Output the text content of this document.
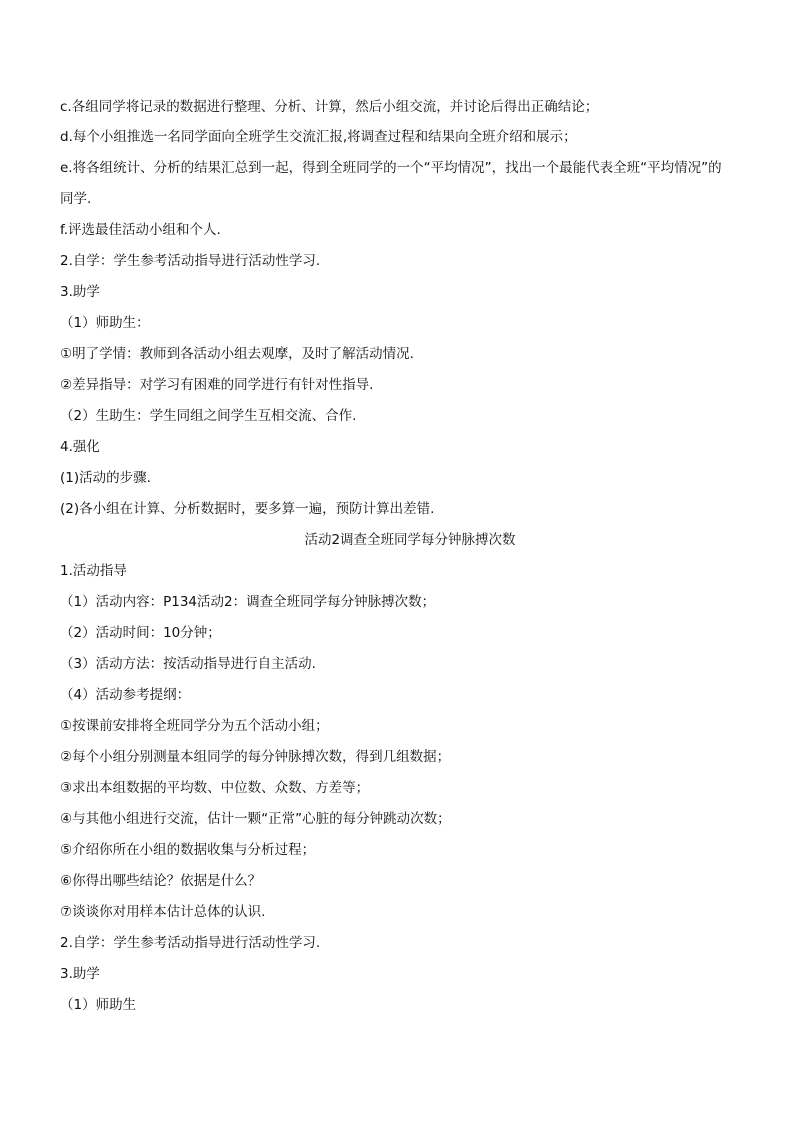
c.各组同学将记录的数据进行整理、分析、计算，然后小组交流，并讨论后得出正确结论；
d.每个小组推选一名同学面向全班学生交流汇报,将调查过程和结果向全班介绍和展示；
e.将各组统计、分析的结果汇总到一起，得到全班同学的一个“平均情况”，找出一个最能代表全班“平均情况”的
同学.
f.评选最佳活动小组和个人.
2.自学：学生参考活动指导进行活动性学习.
3.助学
（1）师助生：
①明了学情：教师到各活动小组去观摩，及时了解活动情况.
②差异指导：对学习有困难的同学进行有针对性指导.
（2）生助生：学生同组之间学生互相交流、合作.
4.强化
(1)活动的步骤.
(2)各小组在计算、分析数据时，要多算一遍，预防计算出差错.
活动2调查全班同学每分钟脉搏次数
1.活动指导
（1）活动内容：P134活动2：调查全班同学每分钟脉搏次数；
（2）活动时间：10分钟；
（3）活动方法：按活动指导进行自主活动.
（4）活动参考提纲：
①按课前安排将全班同学分为五个活动小组；
②每个小组分别测量本组同学的每分钟脉搏次数，得到几组数据；
③求出本组数据的平均数、中位数、众数、方差等；
④与其他小组进行交流，估计一颗“正常”心脏的每分钟跳动次数；
⑤介绍你所在小组的数据收集与分析过程；
⑥你得出哪些结论？依据是什么？
⑦谈谈你对用样本估计总体的认识.
2.自学：学生参考活动指导进行活动性学习.
3.助学
（1）师助生
